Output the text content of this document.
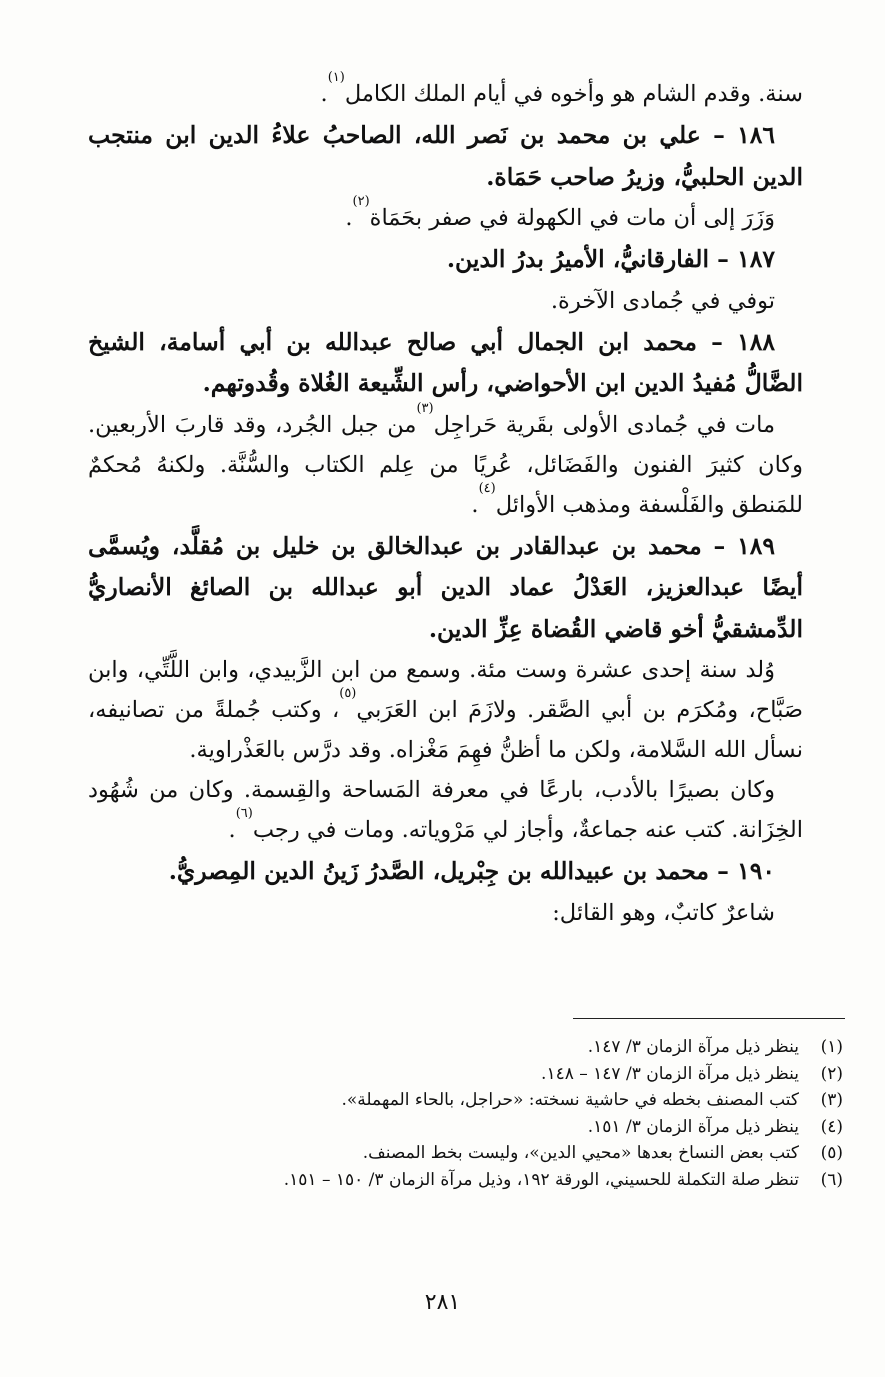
سنة. وقدم الشام هو وأخوه في أيام الملك الكامل$^{(١)}$.

١٨٦ – علي بن محمد بن نَصر الله، الصاحبُ علاءُ الدين ابن منتجب الدين الحلبيُّ، وزيرُ صاحب حَمَاة.

وَزَرَ إلى أن مات في الكهولة في صفر بحَمَاة$^{(٢)}$.

١٨٧ – الفارقانيُّ، الأميرُ بدرُ الدين.

توفي في جُمادى الآخرة.

١٨٨ – محمد ابن الجمال أبي صالح عبدالله بن أبي أسامة، الشيخ الضَّالُّ مُفيدُ الدين ابن الأحواضي، رأس الشِّيعة الغُلاة وقُدوتهم.

مات في جُمادى الأولى بقَرية حَراجِل$^{(٣)}$من جبل الجُرد، وقد قاربَ الأربعين. وكان كثيرَ الفنون والفَضَائل، عُريًا من عِلم الكتاب والسُّنَّة. ولكنهُ مُحكمٌ للمَنطق والفَلْسفة ومذهب الأوائل$^{(٤)}$.

١٨٩ – محمد بن عبدالقادر بن عبدالخالق بن خليل بن مُقلَّد، ويُسمَّى أيضًا عبدالعزيز، العَدْلُ عماد الدين أبو عبدالله بن الصائغ الأنصاريُّ الدِّمشقيُّ أخو قاضي القُضاة عِزِّ الدين.

وُلد سنة إحدى عشرة وست مئة. وسمع من ابن الزَّبيدي، وابن اللَّتِّي، وابن صَبَّاح، ومُكرَم بن أبي الصَّقر. ولازَمَ ابن العَرَبي$^{(٥)}$، وكتب جُملةً من تصانيفه، نسأل الله السَّلامة، ولكن ما أظنُّ فهِمَ مَغْزاه. وقد درَّس بالعَذْراوية.

وكان بصيرًا بالأدب، بارعًا في معرفة المَساحة والقِسمة. وكان من شُهُود الخِزَانة. كتب عنه جماعةٌ، وأجاز لي مَرْوياته. ومات في رجب$^{(٦)}$.

١٩٠ – محمد بن عبيدالله بن جِبْريل، الصَّدرُ زَينُ الدين المِصريُّ.

شاعرٌ كاتبٌ، وهو القائل:

(١)
ينظر ذيل مرآة الزمان ٣/ ١٤٧.
(٢)
ينظر ذيل مرآة الزمان ٣/ ١٤٧ – ١٤٨.
(٣)
كتب المصنف بخطه في حاشية نسخته: «حراجل، بالحاء المهملة».
(٤)
ينظر ذيل مرآة الزمان ٣/ ١٥١.
(٥)
كتب بعض النساخ بعدها «محيي الدين»، وليست بخط المصنف.
(٦)
تنظر صلة التكملة للحسيني، الورقة ١٩٢، وذيل مرآة الزمان ٣/ ١٥٠ – ١٥١.
٢٨١
